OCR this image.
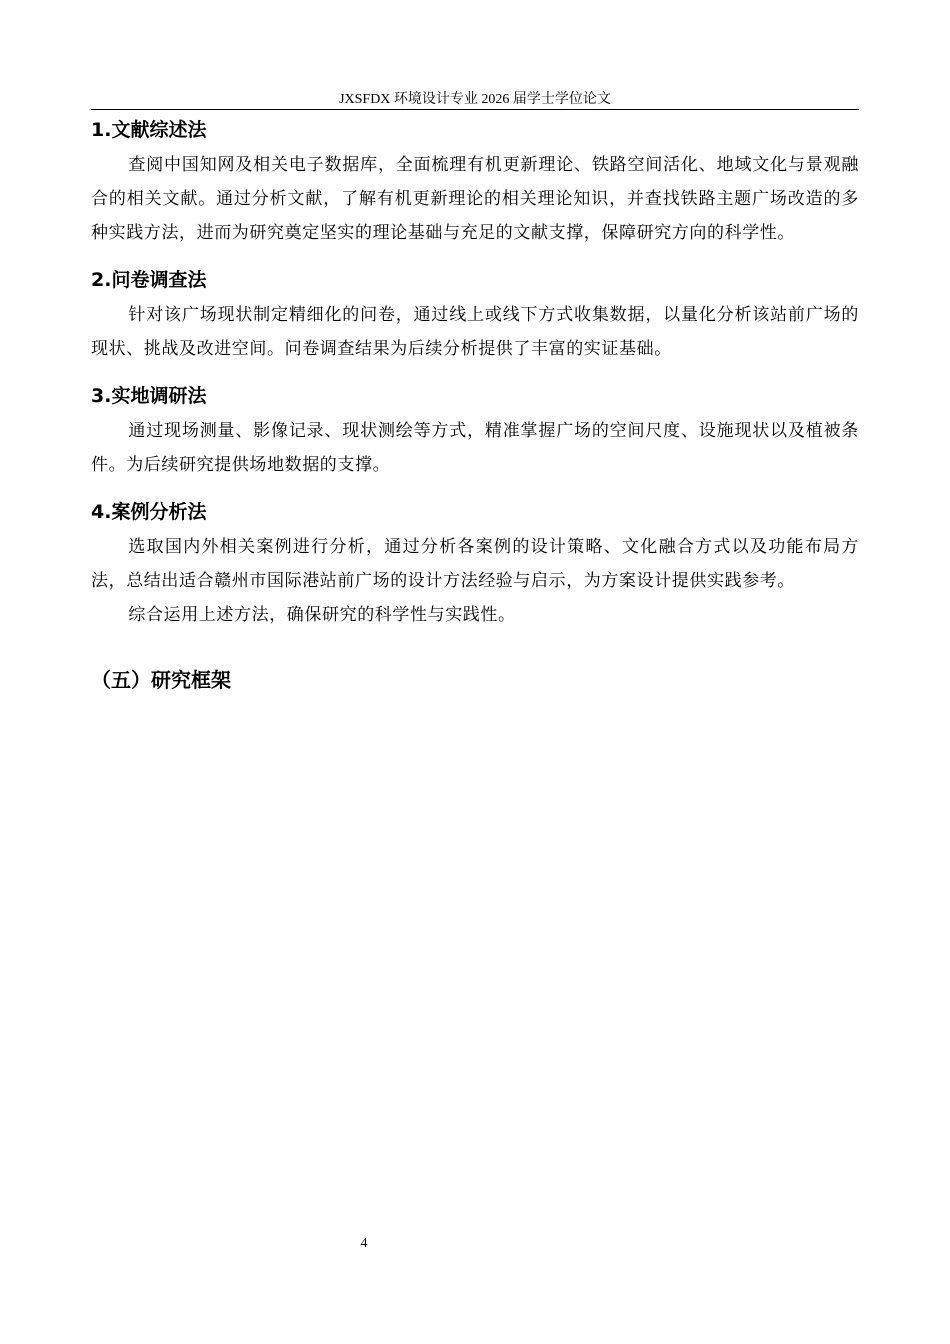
JXSFDX 环境设计专业 2026 届学士学位论文
1.文献综述法

查阅中国知网及相关电子数据库，全面梳理有机更新理论、铁路空间活化、地域文化与景观融合的相关文献。通过分析文献，了解有机更新理论的相关理论知识，并查找铁路主题广场改造的多种实践方法，进而为研究奠定坚实的理论基础与充足的文献支撑，保障研究方向的科学性。

2.问卷调查法

针对该广场现状制定精细化的问卷，通过线上或线下方式收集数据，以量化分析该站前广场的现状、挑战及改进空间。问卷调查结果为后续分析提供了丰富的实证基础。

3.实地调研法

通过现场测量、影像记录、现状测绘等方式，精准掌握广场的空间尺度、设施现状以及植被条件。为后续研究提供场地数据的支撑。

4.案例分析法

选取国内外相关案例进行分析，通过分析各案例的设计策略、文化融合方式以及功能布局方法，总结出适合赣州市国际港站前广场的设计方法经验与启示，为方案设计提供实践参考。

综合运用上述方法，确保研究的科学性与实践性。

（五）研究框架
4
